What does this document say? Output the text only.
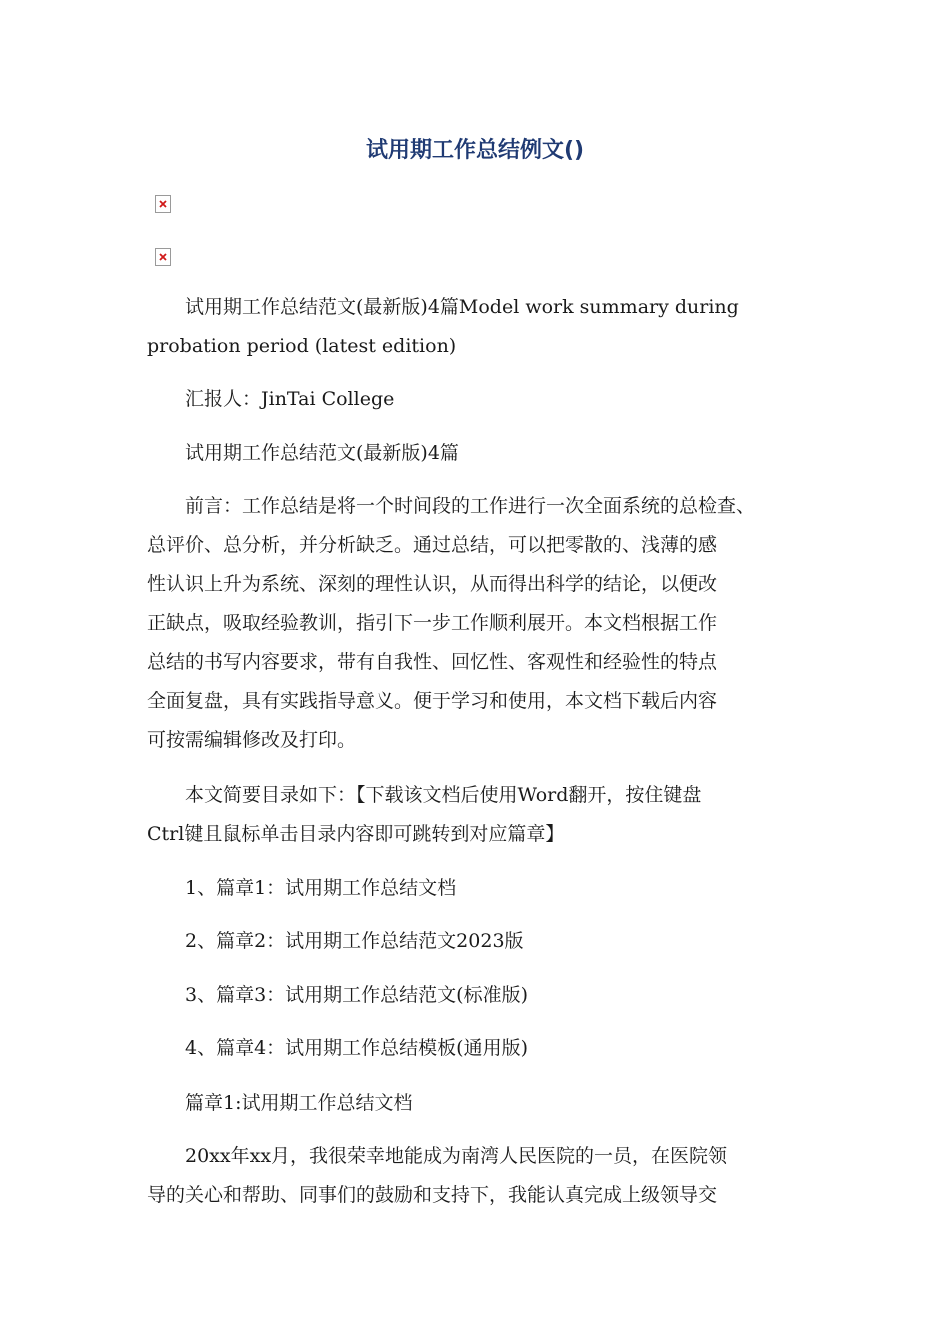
试用期工作总结例文()

　　试用期工作总结范文(最新版)4篇Model work summary during
probation period (latest edition)

　　汇报人：JinTai College

　　试用期工作总结范文(最新版)4篇

　　前言：工作总结是将一个时间段的工作进行一次全面系统的总检查、
总评价、总分析，并分析缺乏。通过总结，可以把零散的、浅薄的感
性认识上升为系统、深刻的理性认识，从而得出科学的结论，以便改
正缺点，吸取经验教训，指引下一步工作顺利展开。本文档根据工作
总结的书写内容要求，带有自我性、回忆性、客观性和经验性的特点
全面复盘，具有实践指导意义。便于学习和使用，本文档下载后内容
可按需编辑修改及打印。

　　本文简要目录如下：【下载该文档后使用Word翻开，按住键盘
Ctrl键且鼠标单击目录内容即可跳转到对应篇章】

　　1、篇章1：试用期工作总结文档

　　2、篇章2：试用期工作总结范文2023版

　　3、篇章3：试用期工作总结范文(标准版)

　　4、篇章4：试用期工作总结模板(通用版)

　　篇章1:试用期工作总结文档

　　20xx年xx月，我很荣幸地能成为南湾人民医院的一员，在医院领
导的关心和帮助、同事们的鼓励和支持下，我能认真完成上级领导交
